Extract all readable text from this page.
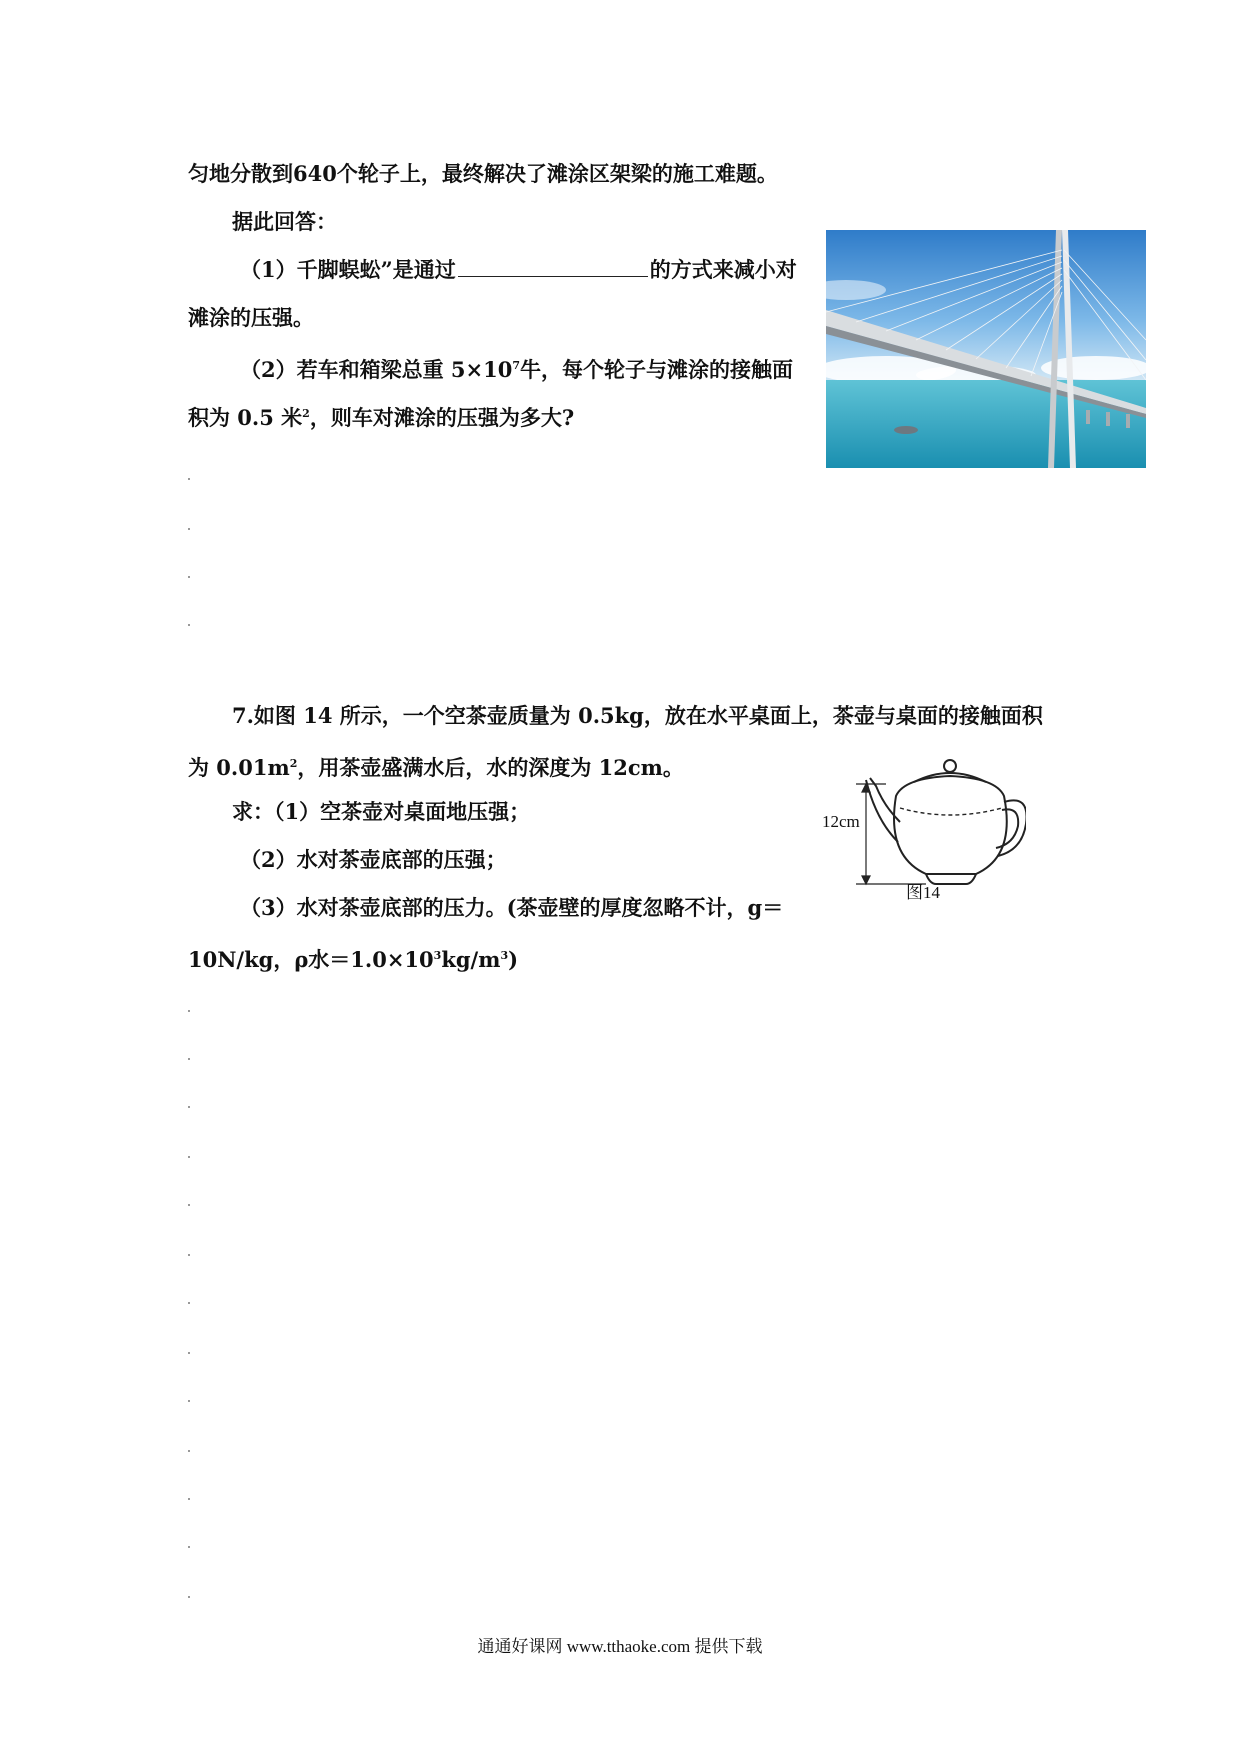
匀地分散到640个轮子上，最终解决了滩涂区架梁的施工难题。
据此回答：
（1）千脚蜈蚣”是通过	的方式来减小对
滩涂的压强。
（2）若车和箱梁总重 $5\times 10^7$牛，每个轮子与滩涂的接触面
积为 0.5 米$^2$，则车对滩涂的压强为多大?
7.如图 14 所示，一个空茶壶质量为 0.5kg，放在水平桌面上，茶壶与桌面的接触面积
为 $0.01m^2$，用茶壶盛满水后，水的深度为 12cm。
求：（1）空茶壶对桌面地压强；
（2）水对茶壶底部的压强；
（3）水对茶壶底部的压力。(茶壶壁的厚度忽略不计，g＝
10N/kg，ρ水$=1.0\times 10^3kg/m^3$)
12cm
图14
通通好课网 www.tthaoke.com 提供下载
